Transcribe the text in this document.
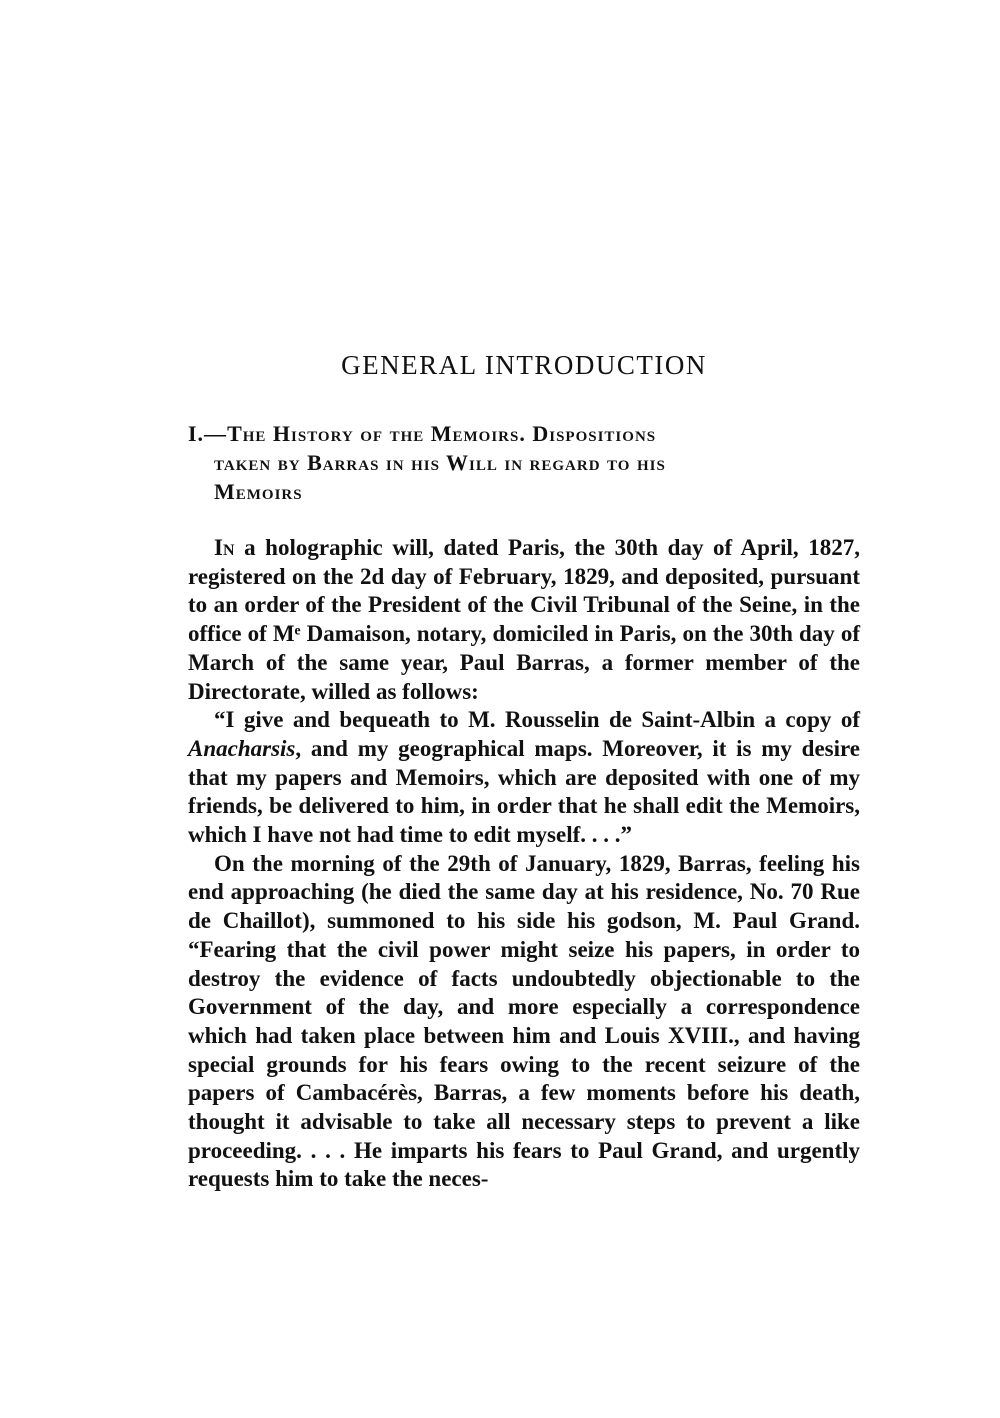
GENERAL INTRODUCTION
I.—The History of the Memoirs. Dispositions
taken by Barras in his Will in regard to his
Memoirs

In a holographic will, dated Paris, the 30th day of April, 1827, registered on the 2d day of February, 1829, and deposited, pursuant to an order of the President of the Civil Tribunal of the Seine, in the office of Mᵉ Damaison, notary, domiciled in Paris, on the 30th day of March of the same year, Paul Barras, a former member of the Directorate, willed as follows:

“I give and bequeath to M. Rousselin de Saint-Albin a copy of Anacharsis, and my geographical maps. Moreover, it is my desire that my papers and Memoirs, which are deposited with one of my friends, be delivered to him, in order that he shall edit the Memoirs, which I have not had time to edit myself. . . .”

On the morning of the 29th of January, 1829, Barras, feeling his end approaching (he died the same day at his residence, No. 70 Rue de Chaillot), summoned to his side his godson, M. Paul Grand. “Fearing that the civil power might seize his papers, in order to destroy the evidence of facts undoubtedly objectionable to the Government of the day, and more especially a correspondence which had taken place between him and Louis XVIII., and having special grounds for his fears owing to the recent seizure of the papers of Cambacérès, Barras, a few moments before his death, thought it advisable to take all necessary steps to prevent a like proceeding. . . . He imparts his fears to Paul Grand, and urgently requests him to take the neces-
